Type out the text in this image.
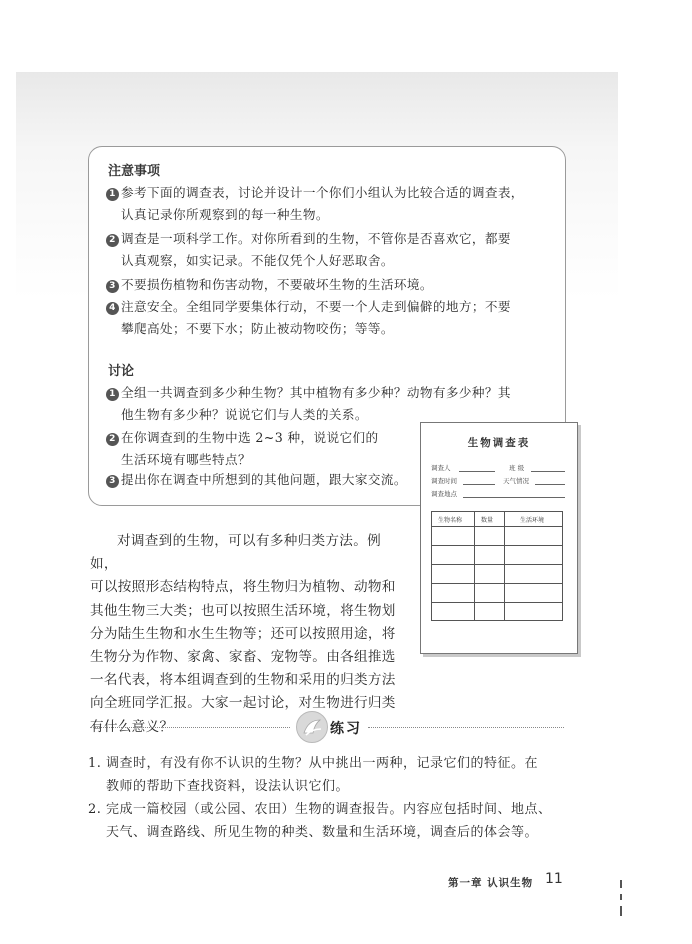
注意事项
1 参考下面的调查表，讨论并设计一个你们小组认为比较合适的调查表，
认真记录你所观察到的每一种生物。
2 调查是一项科学工作。对你所看到的生物，不管你是否喜欢它，都要
认真观察，如实记录。不能仅凭个人好恶取舍。
3 不要损伤植物和伤害动物，不要破坏生物的生活环境。
4 注意安全。全组同学要集体行动，不要一个人走到偏僻的地方；不要
攀爬高处；不要下水；防止被动物咬伤；等等。
讨论
1 全组一共调查到多少种生物？其中植物有多少种？动物有多少种？其
他生物有多少种？说说它们与人类的关系。
2 在你调查到的生物中选 2~3 种，说说它们的
生活环境有哪些特点？
3 提出你在调查中所想到的其他问题，跟大家交流。
生物调查表
调查人	班 级
调查时间	天气情况
调查地点
生物名称	数量	生活环境

对调查到的生物，可以有多种归类方法。例如，

可以按照形态结构特点，将生物归为植物、动物和
其他生物三大类；也可以按照生活环境，将生物划
分为陆生生物和水生生物等；还可以按照用途，将
生物分为作物、家禽、家畜、宠物等。由各组推选
一名代表，将本组调查到的生物和采用的归类方法
向全班同学汇报。大家一起讨论，对生物进行归类
有什么意义？	练习
1. 调查时，有没有你不认识的生物？从中挑出一两种，记录它们的特征。在
教师的帮助下查找资料，设法认识它们。
2. 完成一篇校园（或公园、农田）生物的调查报告。内容应包括时间、地点、
天气、调查路线、所见生物的种类、数量和生活环境，调查后的体会等。
第一章 认识生物 11
